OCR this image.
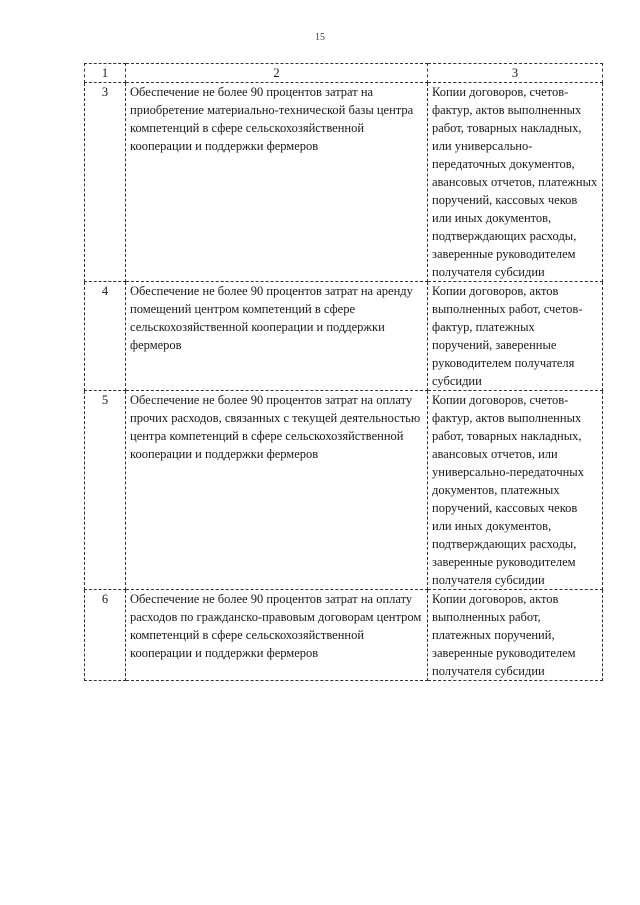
15
1	2	3
3	Обеспечение не более 90 процентов затрат на приобретение материально-технической базы центра компетенций в сфере сельскохозяйственной кооперации и поддержки фермеров	Копии договоров, счетов-фактур, актов выполненных работ, товарных накладных, или универсально-передаточных документов, авансовых отчетов, платежных поручений, кассовых чеков или иных документов, подтверждающих расходы, заверенные руководителем получателя субсидии
4	Обеспечение не более 90 процентов затрат на аренду помещений центром компетенций в сфере сельскохозяйственной кооперации и поддержки фермеров	Копии договоров, актов выполненных работ, счетов-фактур, платежных поручений, заверенные руководителем получателя субсидии
5	Обеспечение не более 90 процентов затрат на оплату прочих расходов, связанных с текущей деятельностью центра компетенций в сфере сельскохозяйственной кооперации и поддержки фермеров	Копии договоров, счетов-фактур, актов выполненных работ, товарных накладных, авансовых отчетов, или универсально-передаточных документов, платежных поручений, кассовых чеков или иных документов, подтверждающих расходы, заверенные руководителем получателя субсидии
6	Обеспечение не более 90 процентов затрат на оплату расходов по гражданско-правовым договорам центром компетенций в сфере сельскохозяйственной кооперации и поддержки фермеров	Копии договоров, актов выполненных работ, платежных поручений, заверенные руководителем получателя субсидии
